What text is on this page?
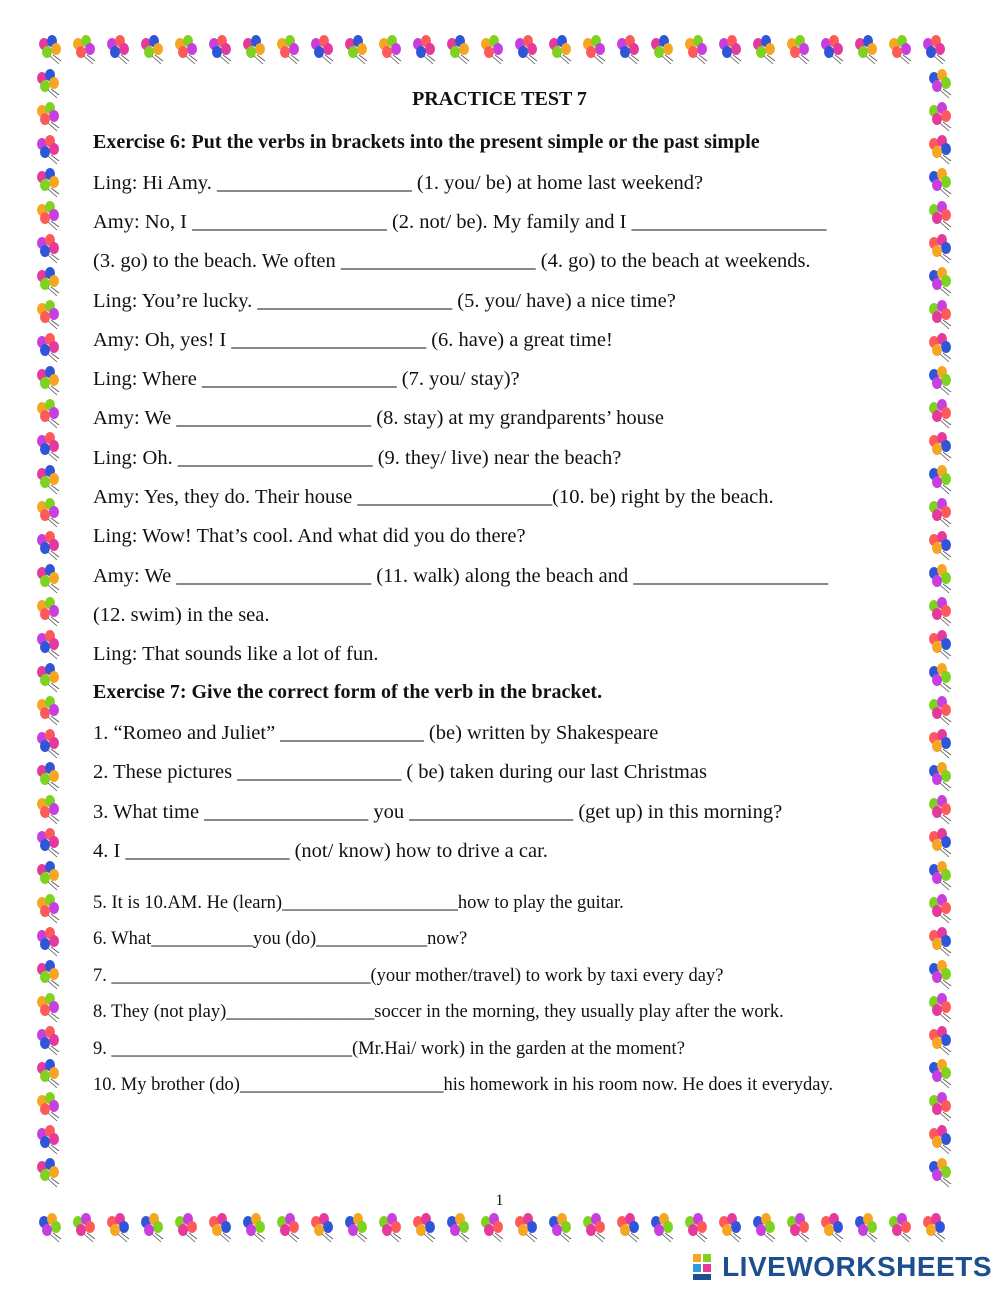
PRACTICE TEST 7
Exercise 6: Put the verbs in brackets into the present simple or the past simple
Ling: Hi Amy. ___________________ (1. you/ be) at home last weekend?
Amy: No, I ___________________ (2. not/ be). My family and I ___________________
(3. go) to the beach. We often ___________________ (4. go) to the beach at weekends.
Ling: You’re lucky. ___________________ (5. you/ have) a nice time?
Amy: Oh, yes! I ___________________ (6. have) a great time!
Ling: Where ___________________ (7. you/ stay)?
Amy: We ___________________ (8. stay) at my grandparents’ house
Ling: Oh. ___________________ (9. they/ live) near the beach?
Amy: Yes, they do. Their house ___________________(10. be) right by the beach.
Ling: Wow! That’s cool. And what did you do there?
Amy: We ___________________ (11. walk) along the beach and ___________________
(12. swim) in the sea.
Ling: That sounds like a lot of fun.
Exercise 7: Give the correct form of the verb in the bracket.
1. “Romeo and Juliet” ______________ (be) written by Shakespeare
2. These pictures ________________ ( be) taken during our last Christmas
3. What time ________________ you ________________ (get up) in this morning?
4. I ________________ (not/ know) how to drive a car.
5. It is 10.AM. He (learn)___________________how to play the guitar.
6. What___________you (do)____________now?
7. ____________________________(your mother/travel) to work by taxi every day?
8. They (not play)________________soccer in the morning, they usually play after the work.
9. __________________________(Mr.Hai/ work) in the garden at the moment?
10. My brother (do)______________________his homework in his room now. He does it everyday.
1
LIVEWORKSHEETS
